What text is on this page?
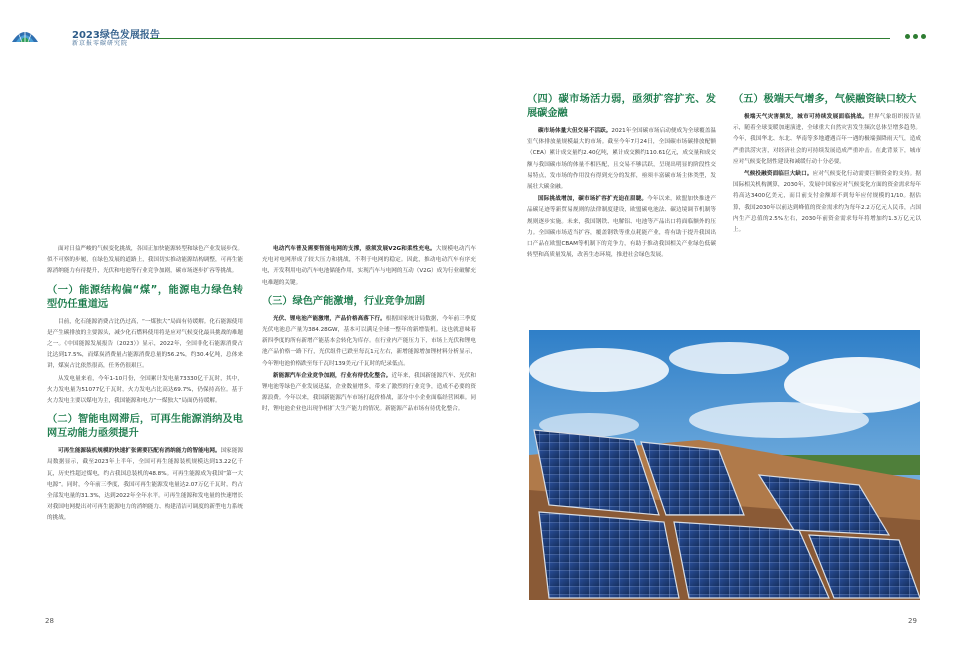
2023绿色发展报告
新京报零碳研究院

面对日益严峻的气候变化挑战，各国正加快能源转型和绿色产业发展步伐。似不可察的步履，在绿色发展的道路上，我国切实推动能源结构调整，可再生能源消纳能力有待提升，光伏和电池等行业竞争加剧，碳市场逐步扩容等挑战。

（一）能源结构偏“煤”，能源电力绿色转型仍任重道远

目前，化石能源消费占比仍过高，“一煤独大”局面有待缓解。化石能源使用是产生碳排放的主要源头，减少化石燃料使用将是应对气候变化最具挑战的难题之一。《中国能源发展报告（2023）》显示，2022年，全国非化石能源消费占比达到17.5%，而煤炭消费量占能源消费总量的56.2%，约30.4亿吨，总体来讲，煤炭占比依然很高，任务仍很艰巨。

从发电量来看，今年1-10月份，全国累计发电量73330亿千瓦时，其中，火力发电量为51077亿千瓦时，火力发电占比高达69.7%，仍保持高位。基于火力发电主要以煤电为主，我国能源和电力“一煤独大”局面仍待缓解。

（二）智能电网滞后，可再生能源消纳及电网互动能力亟须提升

可再生能源装机规模的快速扩张需要匹配有消纳能力的智能电网。国家能源局数据显示，截至2023年上半年，全国可再生能源装机规模达到13.22亿千瓦，历史性超过煤电，约占我国总装机的48.8%。可再生能源成为我国“第一大电源”。同时，今年前三季度，我国可再生能源发电量达2.07万亿千瓦时，约占全部发电量的31.3%，达到2022年全年水平。可再生能源和发电量的快速增长对我国电网提出对可再生能源电力的消纳能力、构建清洁可调度的新型电力系统的挑战。

电动汽车普及需要智能电网的支撑，亟须发展V2G和柔性充电。大规模电动汽车充电对电网形成了较大压力和挑战，不利于电网的稳定。因此，推动电动汽车有序充电，开发利用电动汽车电池储能作用，实现汽车与电网的互动（V2G）成为行业破解充电难题的关键。

（三）绿色产能激增，行业竞争加剧

光伏、锂电池产能激增，产品价格高落下行。根据国家统计局数据，今年前三季度光伏电池总产量为384.28GW，基本可以满足全球一整年的新增装机。这也就意味着新四季度的所有新增产能基本会转化为库存。在行业内产能压力下，市场上光伏和锂电池产品价格一路下行，光伏组件已跌至每瓦1元左右，新增能源增加锂材料分析显示，今年锂电池价格跌至每千瓦时139美元/千瓦时的纪录低点。

新能源汽车企业竞争加剧，行业有待优化整合。近年来，我国新能源汽车、光伏和锂电池等绿色产业发展迅猛，企业数量增多，带来了激烈的行业竞争，造成不必要的资源浪费。今年以来，我国新能源汽车市场打起价格战，部分中小企业面临经营困难。同时，锂电池企业也出现争相扩大生产能力的情况。新能源产品市场有待优化整合。

（四）碳市场活力弱，亟须扩容扩充、发展碳金融

碳市场体量大但交易不活跃。2021年全国碳市场启动便成为全球覆盖温室气体排放量规模最大的市场。截至今年7月24日，全国碳市场碳排放配额（CEA）累计成交量约2.40亿吨，累计成交额约110.61亿元，成交量和成交额与我国碳市场的体量不相匹配，且交易不够活跃，呈现出明显的阶段性交易特点，发市场的作用没有得到充分的发挥，亟须丰富碳市场主体类型，发展壮大碳金融。

国际挑战增加，碳市场扩容扩充迫在眉睫。今年以来，欧盟加快推进产品碳足迹等新贸易规则的法律制度建设，欧盟碳电池法、碳边境调节机制等规则逐步实施。未来，我国钢铁、电解铝、电池等产品出口将面临额外的压力。全国碳市场适当扩容，覆盖钢铁等重点耗能产业，将有助于提升我国出口产品在欧盟CBAM等机制下的竞争力，有助于推动我国相关产业绿色低碳转型和高质量发展，改善生态环境，推进社会绿色发展。

（五）极端天气增多，气候融资缺口较大

极端天气灾害频发，城市可持续发展面临挑战。世界气象组织报告显示，随着全球变暖加速演进，全球重大自然灾害发生频次总体呈增多趋势。今年，我国华北、东北、华南等多地遭遇百年一遇的极端强降雨天气，造成严重洪涝灾害，对经济社会的可持续发展造成严重冲击。在此背景下，城市应对气候变化韧性建设和减缓行动十分必要。

气候投融资面临巨大缺口。应对气候变化行动需要巨额资金的支持。据国际相关机构测算，2030年，发展中国家应对气候变化方面的资金需求每年将高达3400亿美元，而目前支付金额却不到每年应付规模的1/10。据估算，我国2030年以前达到峰值的资金需求约为每年2.2万亿元人民币，占国内生产总值的2.5%左右，2030年前资金需求每年将增加约1.3万亿元以上。

28	29
